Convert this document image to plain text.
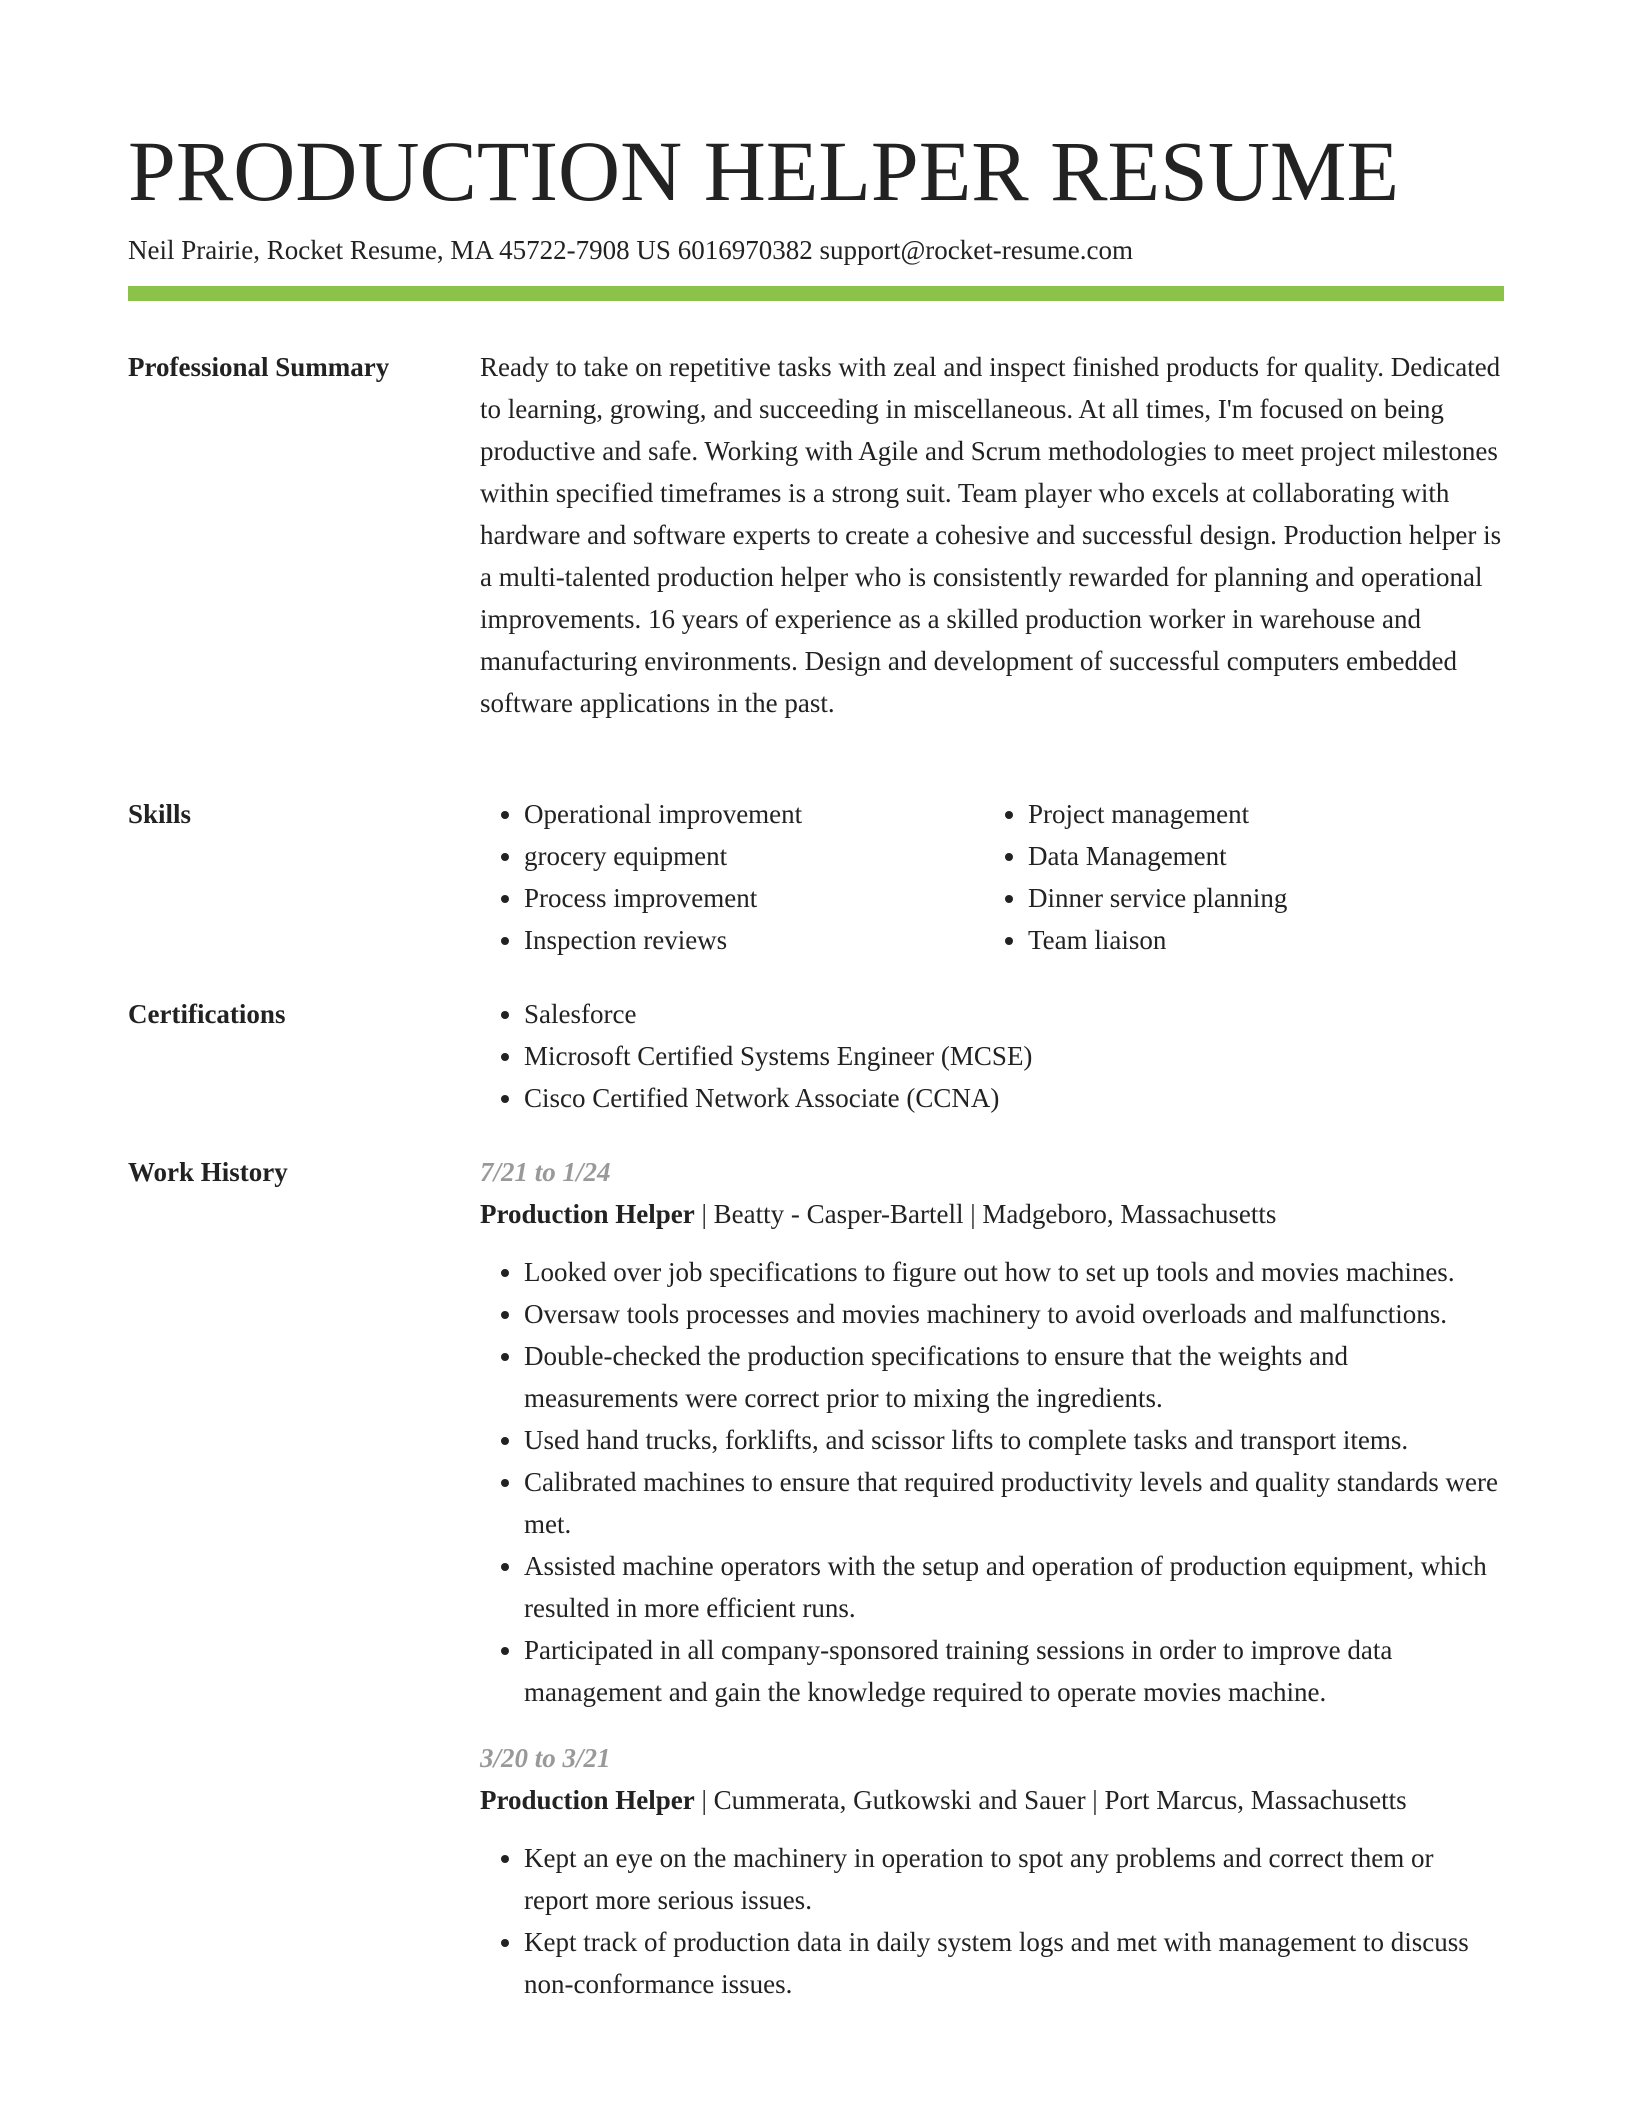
PRODUCTION HELPER RESUME
Neil Prairie, Rocket Resume, MA 45722-7908 US 6016970382 support@rocket-resume.com
Professional Summary	Ready to take on repetitive tasks with zeal and inspect finished products for quality. Dedicated to learning, growing, and succeeding in miscellaneous. At all times, I'm focused on being productive and safe. Working with Agile and Scrum methodologies to meet project milestones within specified timeframes is a strong suit. Team player who excels at collaborating with hardware and software experts to create a cohesive and successful design. Production helper is a multi-talented production helper who is consistently rewarded for planning and operational improvements. 16 years of experience as a skilled production worker in warehouse and manufacturing environments. Design and development of successful computers embedded software applications in the past.

Skills	• Operational improvement
• grocery equipment
• Process improvement
• Inspection reviews
• Project management
• Data Management
• Dinner service planning
• Team liaison
Certifications	• Salesforce
• Microsoft Certified Systems Engineer (MCSE)
• Cisco Certified Network Associate (CCNA)
Work History	7/21 to 1/24
Production Helper | Beatty - Casper-Bartell | Madgeboro, Massachusetts
• Looked over job specifications to figure out how to set up tools and movies machines.
• Oversaw tools processes and movies machinery to avoid overloads and malfunctions.
• Double-checked the production specifications to ensure that the weights and measurements were correct prior to mixing the ingredients.
• Used hand trucks, forklifts, and scissor lifts to complete tasks and transport items.
• Calibrated machines to ensure that required productivity levels and quality standards were met.
• Assisted machine operators with the setup and operation of production equipment, which resulted in more efficient runs.
• Participated in all company-sponsored training sessions in order to improve data management and gain the knowledge required to operate movies machine.
3/20 to 3/21
Production Helper | Cummerata, Gutkowski and Sauer | Port Marcus, Massachusetts
• Kept an eye on the machinery in operation to spot any problems and correct them or report more serious issues.
• Kept track of production data in daily system logs and met with management to discuss non-conformance issues.
